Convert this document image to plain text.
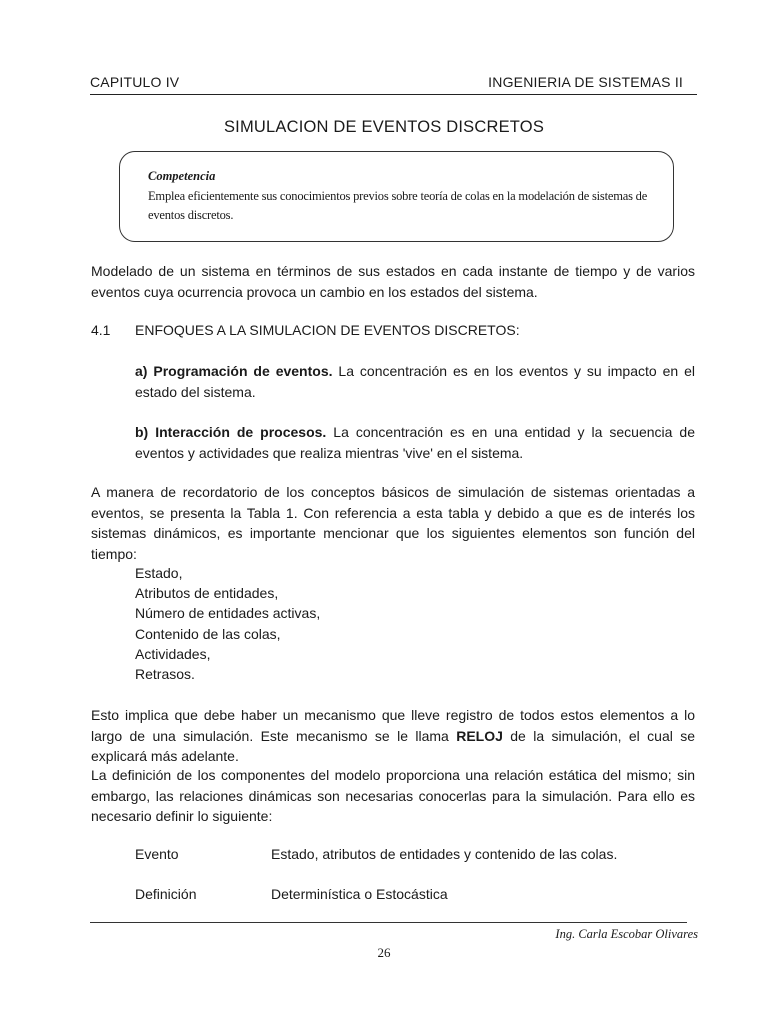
CAPITULO IV	INGENIERIA DE SISTEMAS II
SIMULACION DE EVENTOS DISCRETOS
Competencia
Emplea eficientemente sus conocimientos previos sobre teoría de colas en la modelación de sistemas de eventos discretos.
Modelado de un sistema en términos de sus estados en cada instante de tiempo y de varios eventos cuya ocurrencia provoca un cambio en los estados del sistema.
4.1 ENFOQUES A LA SIMULACION DE EVENTOS DISCRETOS:
a) Programación de eventos. La concentración es en los eventos y su impacto en el estado del sistema.
b) Interacción de procesos. La concentración es en una entidad y la secuencia de eventos y actividades que realiza mientras 'vive' en el sistema.
A manera de recordatorio de los conceptos básicos de simulación de sistemas orientadas a eventos, se presenta la Tabla 1. Con referencia a esta tabla y debido a que es de interés los sistemas dinámicos, es importante mencionar que los siguientes elementos son función del tiempo:
Estado,
Atributos de entidades,
Número de entidades activas,
Contenido de las colas,
Actividades,
Retrasos.
Esto implica que debe haber un mecanismo que lleve registro de todos estos elementos a lo largo de una simulación. Este mecanismo se le llama RELOJ de la simulación, el cual se explicará más adelante.
La definición de los componentes del modelo proporciona una relación estática del mismo; sin embargo, las relaciones dinámicas son necesarias conocerlas para la simulación. Para ello es necesario definir lo siguiente:
Evento	Estado, atributos de entidades y contenido de las colas.
Definición	Determinística o Estocástica
Ing. Carla Escobar Olivares
26
